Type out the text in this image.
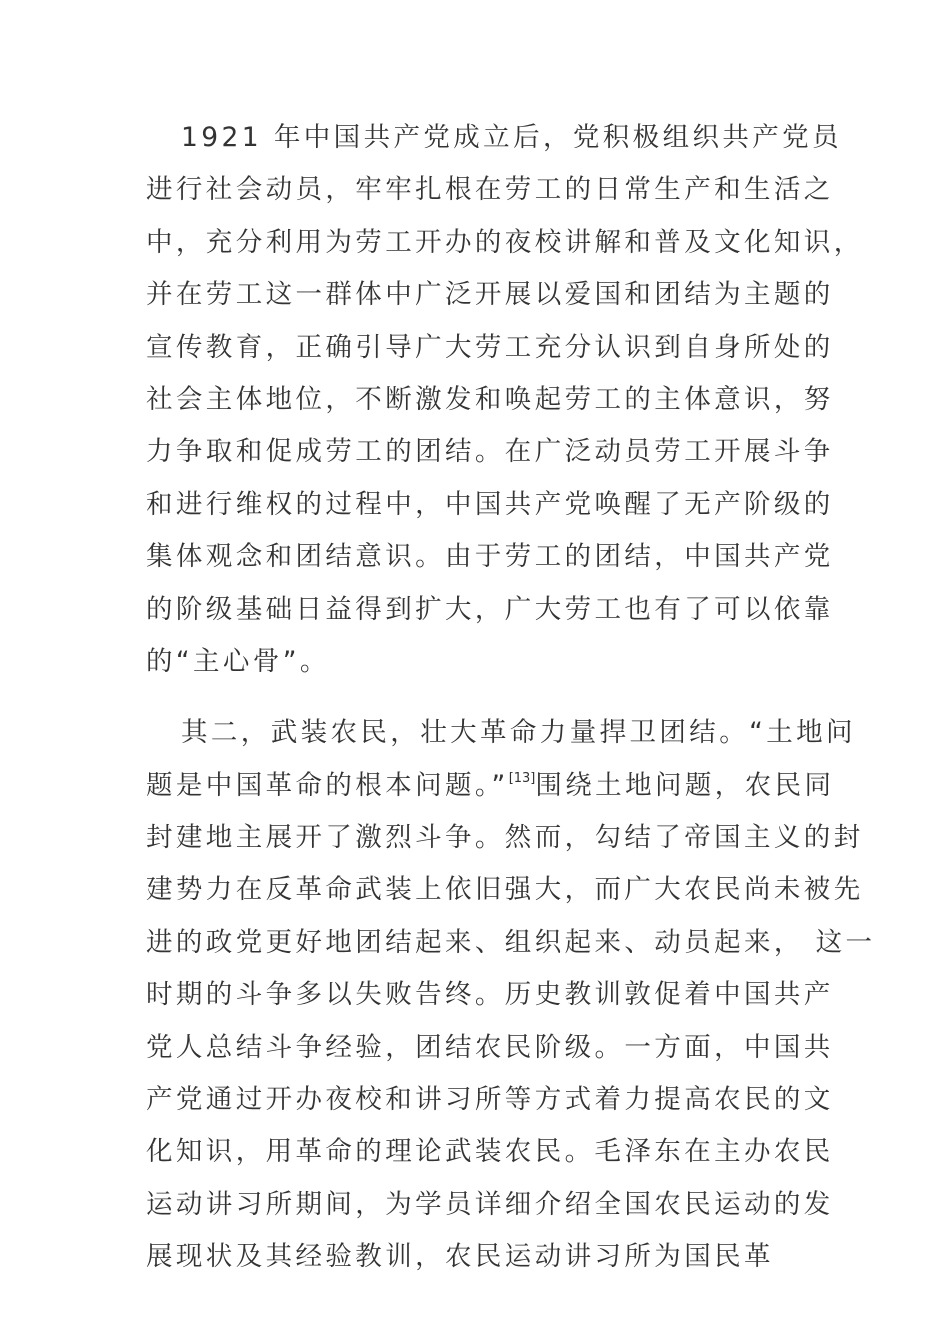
1921 年中国共产党成立后，党积极组织共产党员
进行社会动员，牢牢扎根在劳工的日常生产和生活之
中，充分利用为劳工开办的夜校讲解和普及文化知识，
并在劳工这一群体中广泛开展以爱国和团结为主题的
宣传教育，正确引导广大劳工充分认识到自身所处的
社会主体地位，不断激发和唤起劳工的主体意识，努
力争取和促成劳工的团结。在广泛动员劳工开展斗争
和进行维权的过程中，中国共产党唤醒了无产阶级的
集体观念和团结意识。由于劳工的团结，中国共产党
的阶级基础日益得到扩大，广大劳工也有了可以依靠
的“主心骨”。
其二，武装农民，壮大革命力量捍卫团结。“土地问
题是中国革命的根本问题。”[13]围绕土地问题，农民同
封建地主展开了激烈斗争。然而，勾结了帝国主义的封
建势力在反革命武装上依旧强大，而广大农民尚未被先
进的政党更好地团结起来、组织起来、动员起来， 这一
时期的斗争多以失败告终。历史教训敦促着中国共产
党人总结斗争经验，团结农民阶级。一方面，中国共
产党通过开办夜校和讲习所等方式着力提高农民的文
化知识，用革命的理论武装农民。毛泽东在主办农民
运动讲习所期间，为学员详细介绍全国农民运动的发
展现状及其经验教训，农民运动讲习所为国民革
